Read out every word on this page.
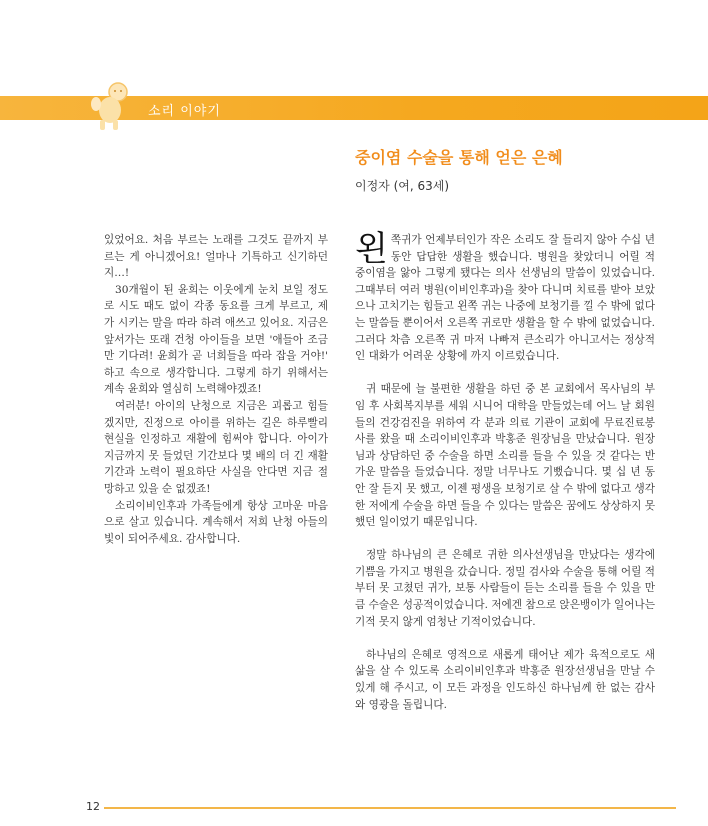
소리 이야기
중이염 수술을 통해 얻은 은혜
이정자 (여, 63세)

있었어요. 처음 부르는 노래를 그것도 끝까지 부르는 게 아니겠어요! 얼마나 기특하고 신기하던지…!

30개월이 된 윤희는 이웃에게 눈치 보일 정도로 시도 때도 없이 각종 동요를 크게 부르고, 제가 시키는 말을 따라 하려 애쓰고 있어요. 지금은 앞서가는 또래 건청 아이들을 보면 '애들아 조금만 기다려! 윤희가 곧 너희들을 따라 잡을 거야!' 하고 속으로 생각합니다. 그렇게 하기 위해서는 계속 윤희와 열심히 노력해야겠죠!

여러분! 아이의 난청으로 지금은 괴롭고 힘들겠지만, 진정으로 아이를 위하는 길은 하루빨리 현실을 인정하고 재활에 힘써야 합니다. 아이가 지금까지 못 들었던 기간보다 몇 배의 더 긴 재활기간과 노력이 필요하단 사실을 안다면 지금 절망하고 있을 순 없겠죠!

소리이비인후과 가족들에게 항상 고마운 마음으로 살고 있습니다. 계속해서 저희 난청 아들의 빛이 되어주세요. 감사합니다.

왼쪽귀가 언제부터인가 작은 소리도 잘 들리지 않아 수십 년 동안 답답한 생활을 했습니다. 병원을 찾았더니 어릴 적 중이염을 앓아 그렇게 됐다는 의사 선생님의 말씀이 있었습니다. 그때부터 여러 병원(이비인후과)을 찾아 다니며 치료를 받아 보았으나 고치기는 힘들고 왼쪽 귀는 나중에 보청기를 낄 수 밖에 없다는 말씀들 뿐이어서 오른쪽 귀로만 생활을 할 수 밖에 없었습니다. 그러다 차츰 오른쪽 귀 마저 나빠져 큰소리가 아니고서는 정상적인 대화가 어려운 상황에 까지 이르렀습니다.

귀 때문에 늘 불편한 생활을 하던 중 본 교회에서 목사님의 부임 후 사회복지부를 세워 시니어 대학을 만들었는데 어느 날 회원들의 건강검진을 위하여 각 분과 의료 기관이 교회에 무료진료봉사를 왔을 때 소리이비인후과 박홍준 원장님을 만났습니다. 원장님과 상담하던 중 수술을 하면 소리를 들을 수 있을 것 같다는 반가운 말씀을 들었습니다. 정말 너무나도 기뻤습니다. 몇 십 년 동안 잘 듣지 못 했고, 이젠 평생을 보청기로 살 수 밖에 없다고 생각한 저에게 수술을 하면 들을 수 있다는 말씀은 꿈에도 상상하지 못했던 일이었기 때문입니다.

정말 하나님의 큰 은혜로 귀한 의사선생님을 만났다는 생각에 기쁨을 가지고 병원을 갔습니다. 정밀 검사와 수술을 통해 어릴 적부터 못 고쳤던 귀가, 보통 사람들이 듣는 소리를 들을 수 있을 만큼 수술은 성공적이었습니다. 저에겐 참으로 앉은뱅이가 일어나는 기적 못지 않게 엄청난 기적이었습니다.

하나님의 은혜로 영적으로 새롭게 태어난 제가 육적으로도 새 삶을 살 수 있도록 소리이비인후과 박홍준 원장선생님을 만날 수 있게 해 주시고, 이 모든 과정을 인도하신 하나님께 한 없는 감사와 영광을 돌립니다.

12
